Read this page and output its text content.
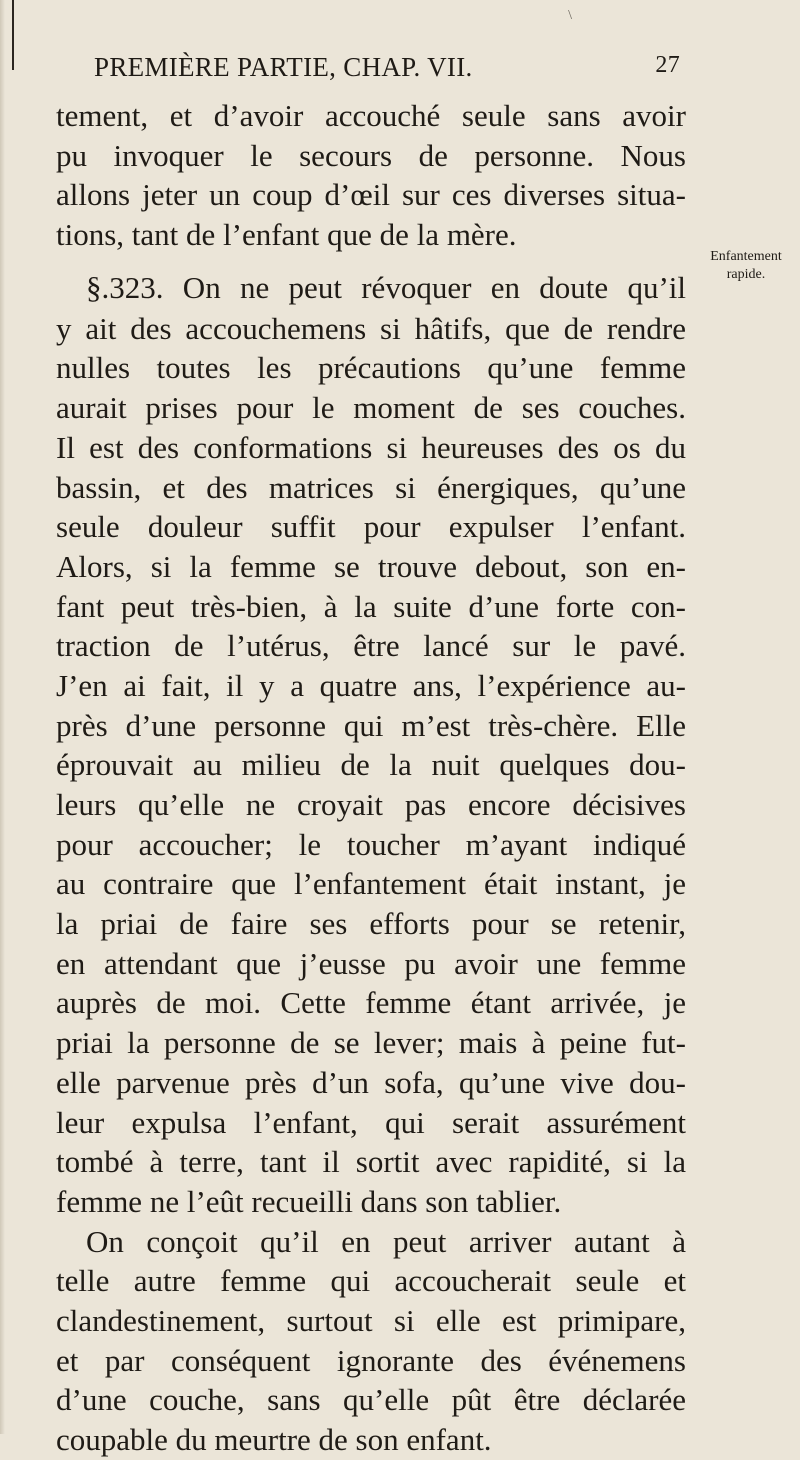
\
PREMIÈRE PARTIE, CHAP. VII.	27
Enfantement
rapide.
tement, et d’avoir accouché seule sans avoir
pu invoquer le secours de personne. Nous
allons jeter un coup d’œil sur ces diverses situa-
tions, tant de l’enfant que de la mère.
§.323. On ne peut révoquer en doute qu’il
y ait des accouchemens si hâtifs, que de rendre
nulles toutes les précautions qu’une femme
aurait prises pour le moment de ses couches.
Il est des conformations si heureuses des os du
bassin, et des matrices si énergiques, qu’une
seule douleur suffit pour expulser l’enfant.
Alors, si la femme se trouve debout, son en-
fant peut très-bien, à la suite d’une forte con-
traction de l’utérus, être lancé sur le pavé.
J’en ai fait, il y a quatre ans, l’expérience au-
près d’une personne qui m’est très-chère. Elle
éprouvait au milieu de la nuit quelques dou-
leurs qu’elle ne croyait pas encore décisives
pour accoucher; le toucher m’ayant indiqué
au contraire que l’enfantement était instant, je
la priai de faire ses efforts pour se retenir,
en attendant que j’eusse pu avoir une femme
auprès de moi. Cette femme étant arrivée, je
priai la personne de se lever; mais à peine fut-
elle parvenue près d’un sofa, qu’une vive dou-
leur expulsa l’enfant, qui serait assurément
tombé à terre, tant il sortit avec rapidité, si la
femme ne l’eût recueilli dans son tablier.
On conçoit qu’il en peut arriver autant à
telle autre femme qui accoucherait seule et
clandestinement, surtout si elle est primipare,
et par conséquent ignorante des événemens
d’une couche, sans qu’elle pût être déclarée
coupable du meurtre de son enfant.
